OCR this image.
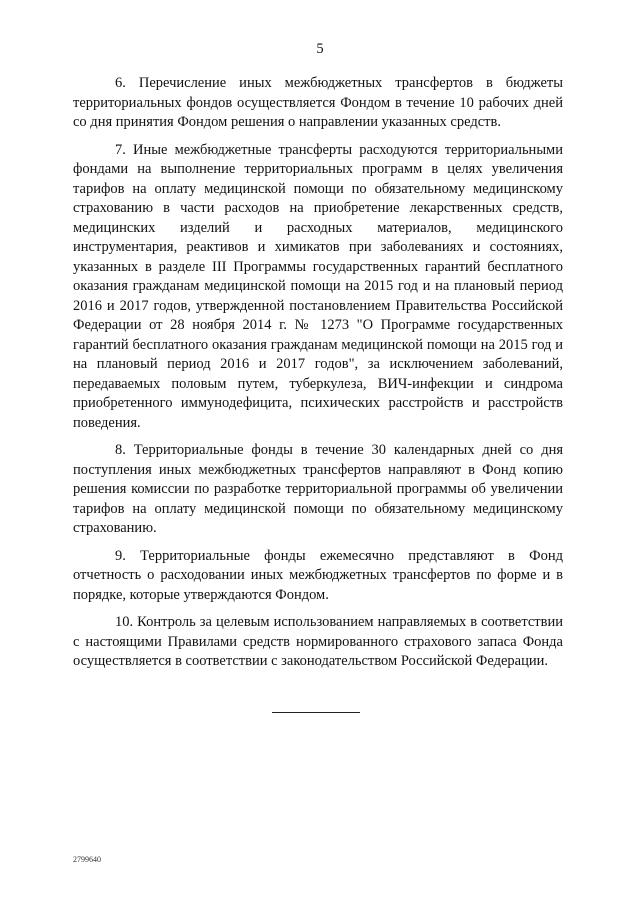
5

6. Перечисление иных межбюджетных трансфертов в бюджеты территориальных фондов осуществляется Фондом в течение 10 рабочих дней со дня принятия Фондом решения о направлении указанных средств.

7. Иные межбюджетные трансферты расходуются территориальными фондами на выполнение территориальных программ в целях увеличения тарифов на оплату медицинской помощи по обязательному медицинскому страхованию в части расходов на приобретение лекарственных средств, медицинских изделий и расходных материалов, медицинского инструментария, реактивов и химикатов при заболеваниях и состояниях, указанных в разделе III Программы государственных гарантий бесплатного оказания гражданам медицинской помощи на 2015 год и на плановый период 2016 и 2017 годов, утвержденной постановлением Правительства Российской Федерации от 28 ноября 2014 г. № 1273 "О Программе государственных гарантий бесплатного оказания гражданам медицинской помощи на 2015 год и на плановый период 2016 и 2017 годов", за исключением заболеваний, передаваемых половым путем, туберкулеза, ВИЧ-инфекции и синдрома приобретенного иммунодефицита, психических расстройств и расстройств поведения.

8. Территориальные фонды в течение 30 календарных дней со дня поступления иных межбюджетных трансфертов направляют в Фонд копию решения комиссии по разработке территориальной программы об увеличении тарифов на оплату медицинской помощи по обязательному медицинскому страхованию.

9. Территориальные фонды ежемесячно представляют в Фонд отчетность о расходовании иных межбюджетных трансфертов по форме и в порядке, которые утверждаются Фондом.

10. Контроль за целевым использованием направляемых в соответствии с настоящими Правилами средств нормированного страхового запаса Фонда осуществляется в соответствии с законодательством Российской Федерации.

2799640
